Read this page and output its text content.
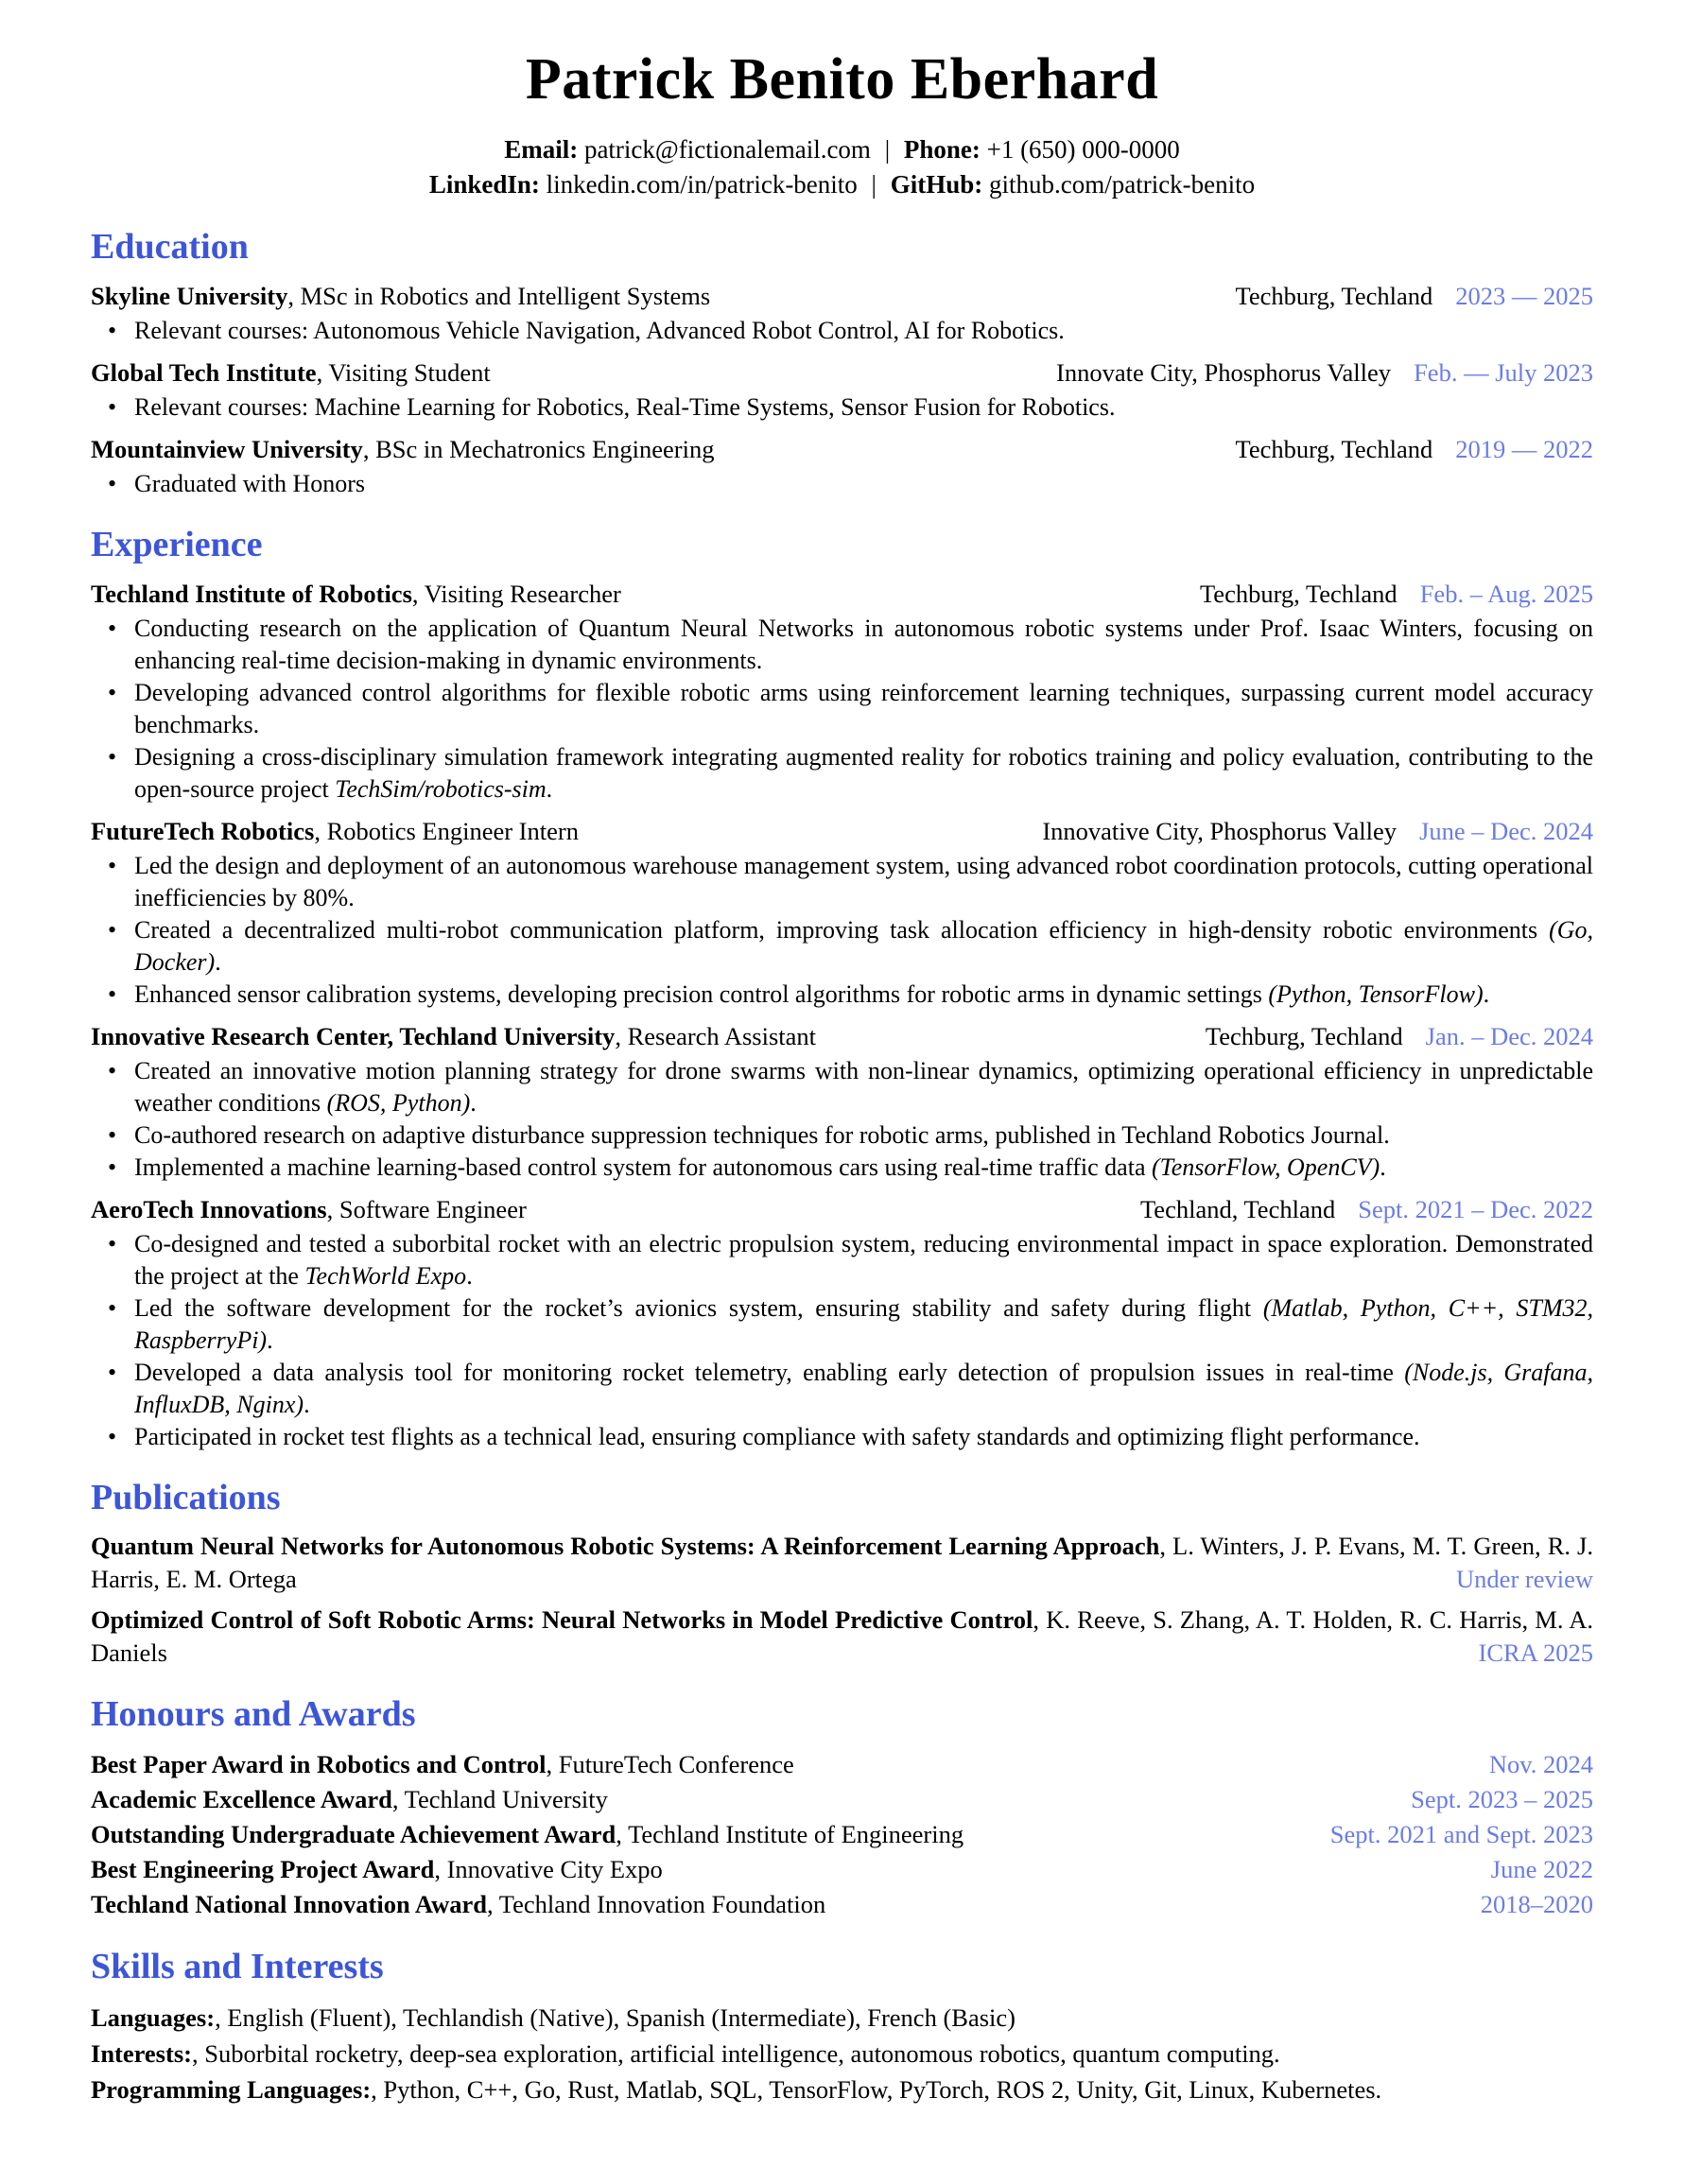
Patrick Benito Eberhard
Email: patrick@fictionalemail.com | Phone: +1 (650) 000-0000
LinkedIn: linkedin.com/in/patrick-benito | GitHub: github.com/patrick-benito
Education
Skyline University, MSc in Robotics and Intelligent Systems	Techburg, Techland 2023 — 2025
• Relevant courses: Autonomous Vehicle Navigation, Advanced Robot Control, AI for Robotics.
Global Tech Institute, Visiting Student	Innovate City, Phosphorus Valley Feb. — July 2023
• Relevant courses: Machine Learning for Robotics, Real-Time Systems, Sensor Fusion for Robotics.
Mountainview University, BSc in Mechatronics Engineering	Techburg, Techland 2019 — 2022
• Graduated with Honors
Experience
Techland Institute of Robotics, Visiting Researcher	Techburg, Techland Feb. – Aug. 2025
• Conducting research on the application of Quantum Neural Networks in autonomous robotic systems under Prof. Isaac Winters, focusing on enhancing real-time decision-making in dynamic environments.
• Developing advanced control algorithms for flexible robotic arms using reinforcement learning techniques, surpassing current model accuracy benchmarks.
• Designing a cross-disciplinary simulation framework integrating augmented reality for robotics training and policy evaluation, contributing to the open-source project TechSim/robotics-sim.
FutureTech Robotics, Robotics Engineer Intern	Innovative City, Phosphorus Valley June – Dec. 2024
• Led the design and deployment of an autonomous warehouse management system, using advanced robot coordination protocols, cutting operational inefficiencies by 80%.
• Created a decentralized multi-robot communication platform, improving task allocation efficiency in high-density robotic environments (Go, Docker).
• Enhanced sensor calibration systems, developing precision control algorithms for robotic arms in dynamic settings (Python, TensorFlow).
Innovative Research Center, Techland University, Research Assistant	Techburg, Techland Jan. – Dec. 2024
• Created an innovative motion planning strategy for drone swarms with non-linear dynamics, optimizing operational efficiency in unpredictable weather conditions (ROS, Python).
• Co-authored research on adaptive disturbance suppression techniques for robotic arms, published in Techland Robotics Journal.
• Implemented a machine learning-based control system for autonomous cars using real-time traffic data (TensorFlow, OpenCV).
AeroTech Innovations, Software Engineer	Techland, Techland Sept. 2021 – Dec. 2022
• Co-designed and tested a suborbital rocket with an electric propulsion system, reducing environmental impact in space exploration. Demonstrated the project at the TechWorld Expo.
• Led the software development for the rocket’s avionics system, ensuring stability and safety during flight (Matlab, Python, C++, STM32, RaspberryPi).
• Developed a data analysis tool for monitoring rocket telemetry, enabling early detection of propulsion issues in real-time (Node.js, Grafana, InfluxDB, Nginx).
• Participated in rocket test flights as a technical lead, ensuring compliance with safety standards and optimizing flight performance.
Publications
Quantum Neural Networks for Autonomous Robotic Systems: A Reinforcement Learning Approach, L. Winters, J. P. Evans, M. T. Green, R. J. Harris, E. M. Ortega	Under review
Optimized Control of Soft Robotic Arms: Neural Networks in Model Predictive Control, K. Reeve, S. Zhang, A. T. Holden, R. C. Harris, M. A. Daniels	ICRA 2025
Honours and Awards
Best Paper Award in Robotics and Control, FutureTech Conference	Nov. 2024
Academic Excellence Award, Techland University	Sept. 2023 – 2025
Outstanding Undergraduate Achievement Award, Techland Institute of Engineering	Sept. 2021 and Sept. 2023
Best Engineering Project Award, Innovative City Expo	June 2022
Techland National Innovation Award, Techland Innovation Foundation	2018–2020
Skills and Interests
Languages:, English (Fluent), Techlandish (Native), Spanish (Intermediate), French (Basic)
Interests:, Suborbital rocketry, deep-sea exploration, artificial intelligence, autonomous robotics, quantum computing.
Programming Languages:, Python, C++, Go, Rust, Matlab, SQL, TensorFlow, PyTorch, ROS 2, Unity, Git, Linux, Kubernetes.
